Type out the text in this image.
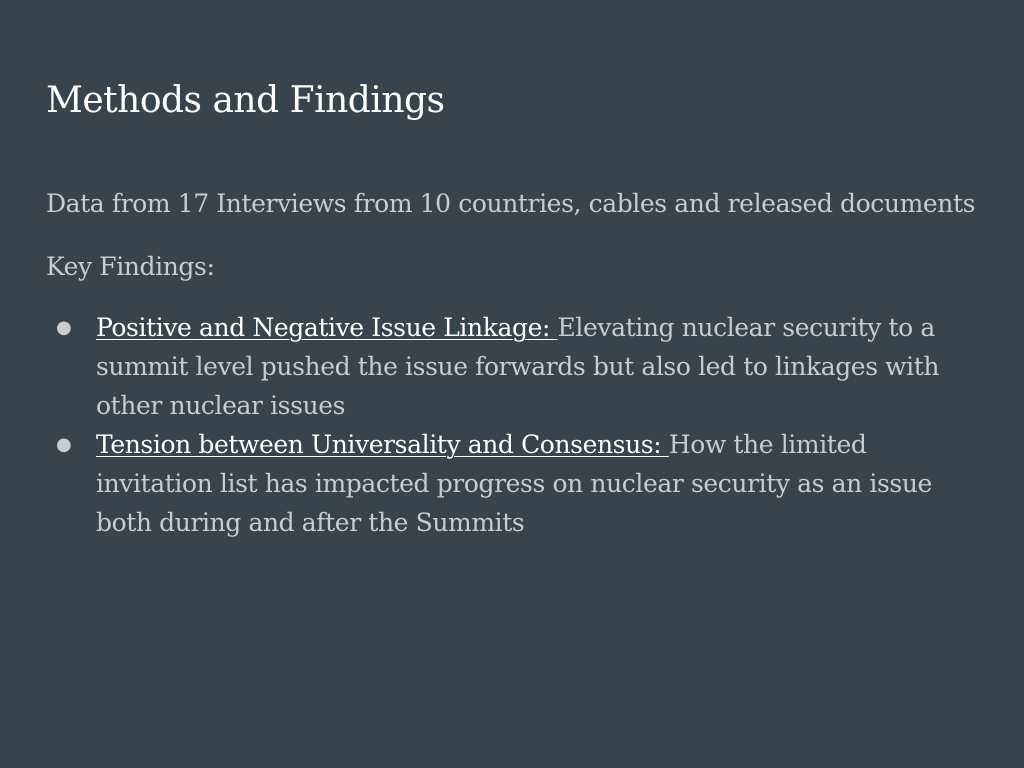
Methods and Findings

Data from 17 Interviews from 10 countries, cables and released documents

Key Findings:

● Positive and Negative Issue Linkage: Elevating nuclear security to a summit level pushed the issue forwards but also led to linkages with other nuclear issues
● Tension between Universality and Consensus: How the limited invitation list has impacted progress on nuclear security as an issue both during and after the Summits
